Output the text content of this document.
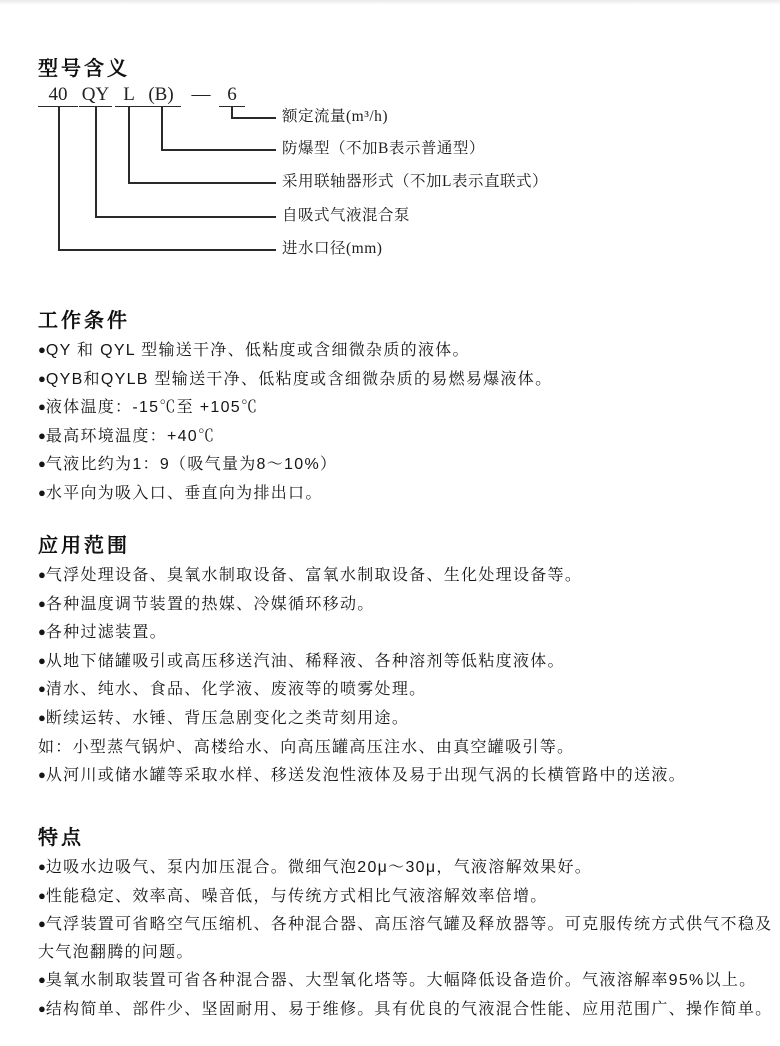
型号含义
40 QY L (B) — 6
额定流量(m³/h)
防爆型（不加B表示普通型）
采用联轴器形式（不加L表示直联式）
自吸式气液混合泵
进水口径(mm)
工作条件
●QY 和 QYL 型输送干净、低粘度或含细微杂质的液体。
●QYB和QYLB 型输送干净、低粘度或含细微杂质的易燃易爆液体。
●液体温度：-15℃至 +105℃
●最高环境温度：+40℃
●气液比约为1：9（吸气量为8～10%）
●水平向为吸入口、垂直向为排出口。
应用范围
●气浮处理设备、臭氧水制取设备、富氧水制取设备、生化处理设备等。
●各种温度调节装置的热媒、冷媒循环移动。
●各种过滤装置。
●从地下储罐吸引或高压移送汽油、稀释液、各种溶剂等低粘度液体。
●清水、纯水、食品、化学液、废液等的喷雾处理。
●断续运转、水锤、背压急剧变化之类苛刻用途。
如：小型蒸气锅炉、高楼给水、向高压罐高压注水、由真空罐吸引等。
●从河川或储水罐等采取水样、移送发泡性液体及易于出现气涡的长横管路中的送液。
特点
●边吸水边吸气、泵内加压混合。微细气泡20μ～30μ，气液溶解效果好。
●性能稳定、效率高、噪音低，与传统方式相比气液溶解效率倍增。
●气浮装置可省略空气压缩机、各种混合器、高压溶气罐及释放器等。可克服传统方式供气不稳及大气泡翻腾的问题。
●臭氧水制取装置可省各种混合器、大型氧化塔等。大幅降低设备造价。气液溶解率95%以上。
●结构简单、部件少、坚固耐用、易于维修。具有优良的气液混合性能、应用范围广、操作简单。
